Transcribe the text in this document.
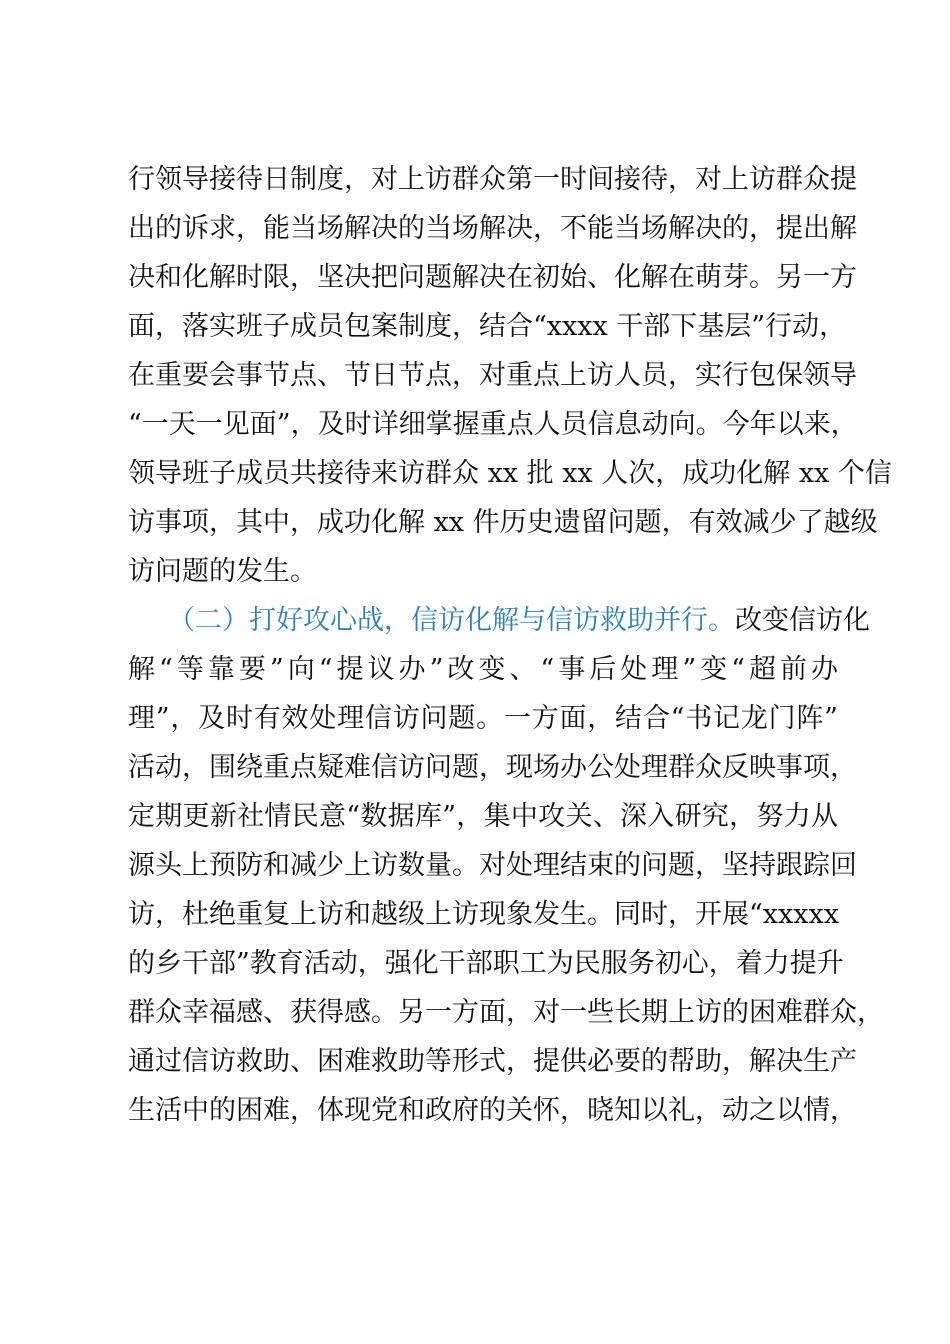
行领导接待日制度，对上访群众第一时间接待，对上访群众提
出的诉求，能当场解决的当场解决，不能当场解决的，提出解
决和化解时限，坚决把问题解决在初始、化解在萌芽。另一方
面，落实班子成员包案制度，结合“xxxx 干部下基层”行动，
在重要会事节点、节日节点，对重点上访人员，实行包保领导
“一天一见面”，及时详细掌握重点人员信息动向。今年以来，
领导班子成员共接待来访群众 xx 批 xx 人次，成功化解 xx 个信
访事项，其中，成功化解 xx 件历史遗留问题，有效减少了越级
访问题的发生。
（二）打好攻心战，信访化解与信访救助并行。改变信访化
解“等靠要”向“提议办”改变、“事后处理”变“超前办
理”，及时有效处理信访问题。一方面，结合“书记龙门阵”
活动，围绕重点疑难信访问题，现场办公处理群众反映事项，
定期更新社情民意“数据库”，集中攻关、深入研究，努力从
源头上预防和减少上访数量。对处理结束的问题，坚持跟踪回
访，杜绝重复上访和越级上访现象发生。同时，开展“xxxxx
的乡干部”教育活动，强化干部职工为民服务初心，着力提升
群众幸福感、获得感。另一方面，对一些长期上访的困难群众，
通过信访救助、困难救助等形式，提供必要的帮助，解决生产
生活中的困难，体现党和政府的关怀，晓知以礼，动之以情，
